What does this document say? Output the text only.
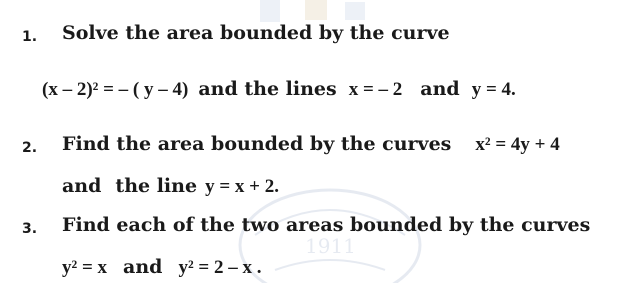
1911
1. Solve the area bounded by the curve
(x – 2)² = – ( y – 4) and the lines x = – 2 and y = 4.
2. Find the area bounded by the curves x² = 4y + 4
and the line y = x + 2.
3. Find each of the two areas bounded by the curves
y² = x and y² = 2 – x .
